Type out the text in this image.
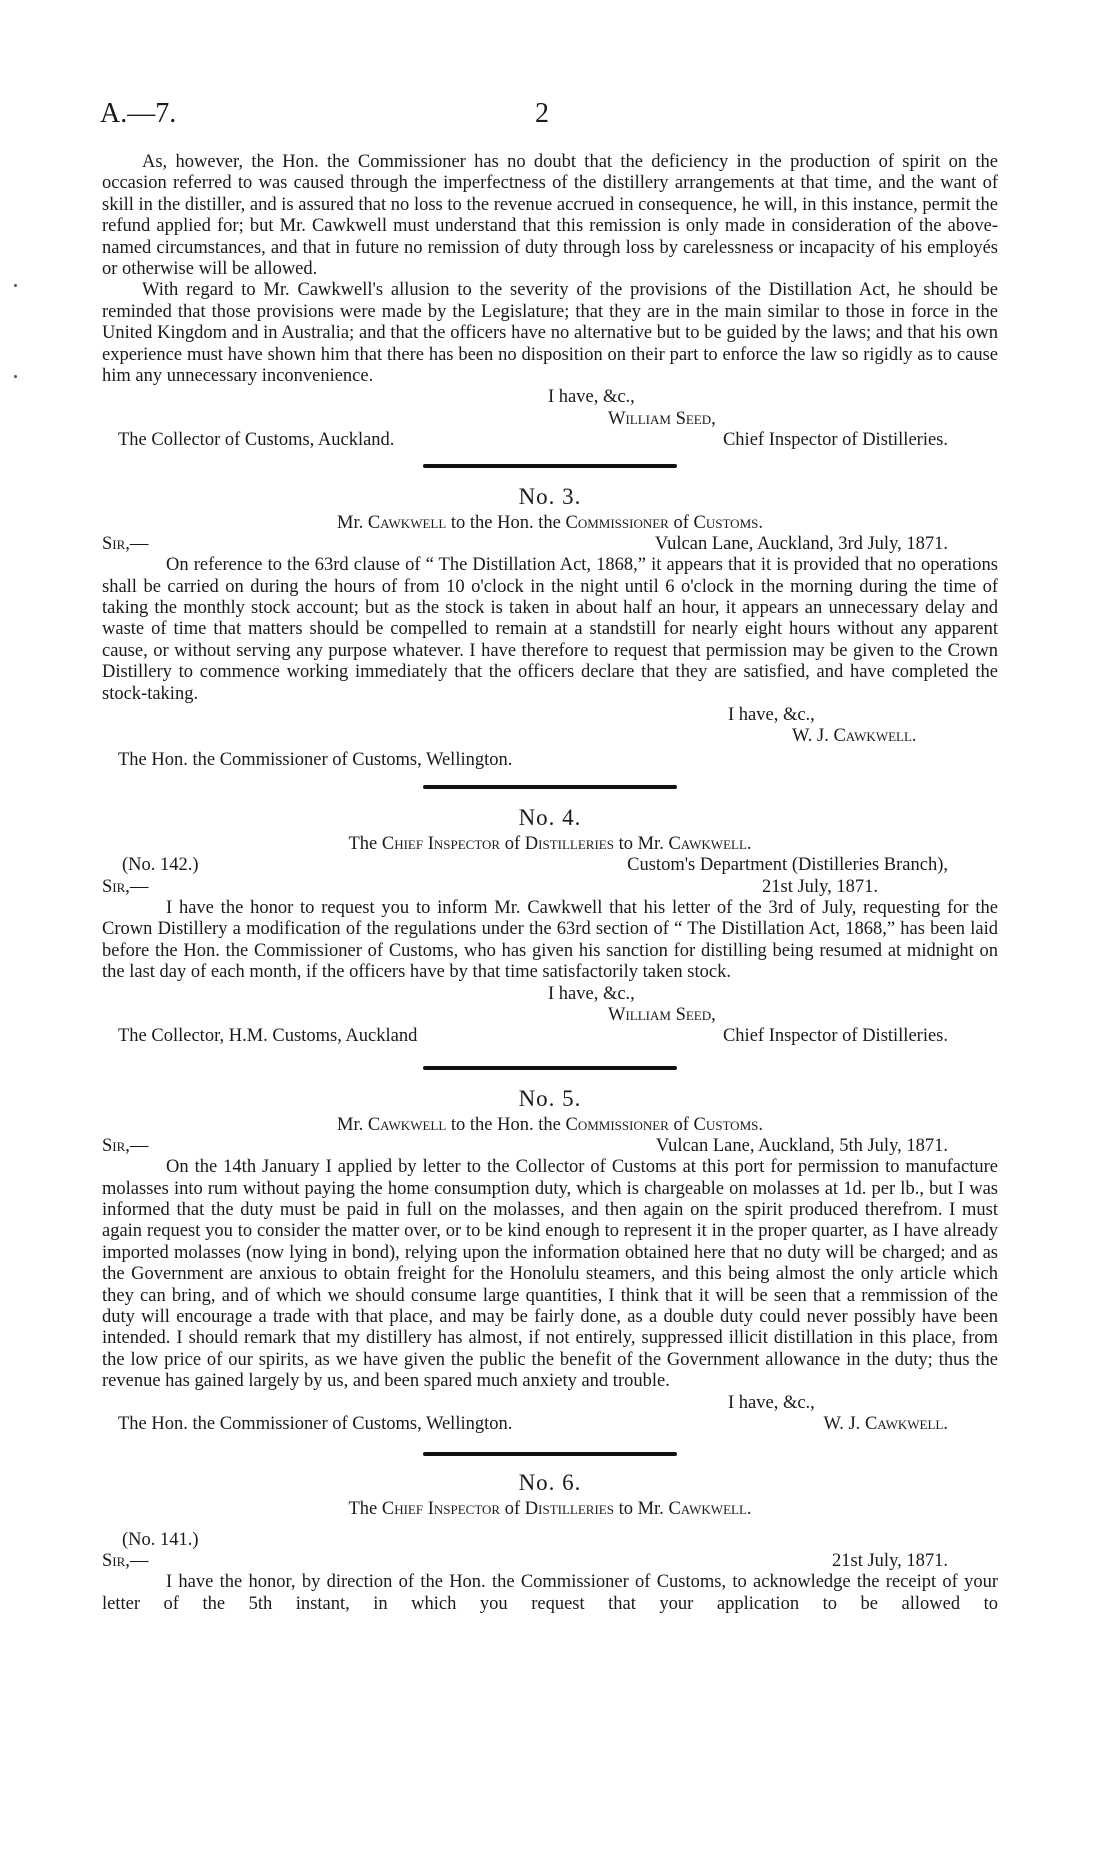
A.—7.	2

As, however, the Hon. the Commissioner has no doubt that the deficiency in the production of spirit on the occasion referred to was caused through the imperfectness of the distillery arrangements at that time, and the want of skill in the distiller, and is assured that no loss to the revenue accrued in consequence, he will, in this instance, permit the refund applied for; but Mr. Cawkwell must understand that this remission is only made in consideration of the above-named circumstances, and that in future no remission of duty through loss by carelessness or incapacity of his employés or otherwise will be allowed.

With regard to Mr. Cawkwell's allusion to the severity of the provisions of the Distillation Act, he should be reminded that those provisions were made by the Legislature; that they are in the main similar to those in force in the United Kingdom and in Australia; and that the officers have no alternative but to be guided by the laws; and that his own experience must have shown him that there has been no disposition on their part to enforce the law so rigidly as to cause him any unnecessary inconvenience.

I have, &c.,
William Seed,
The Collector of Customs, Auckland.	Chief Inspector of Distilleries.
No. 3.
Mr. Cawkwell to the Hon. the Commissioner of Customs.
Sir,—	Vulcan Lane, Auckland, 3rd July, 1871.

On reference to the 63rd clause of “ The Distillation Act, 1868,” it appears that it is provided that no operations shall be carried on during the hours of from 10 o'clock in the night until 6 o'clock in the morning during the time of taking the monthly stock account; but as the stock is taken in about half an hour, it appears an unnecessary delay and waste of time that matters should be compelled to remain at a standstill for nearly eight hours without any apparent cause, or without serving any purpose whatever. I have therefore to request that permission may be given to the Crown Distillery to commence working immediately that the officers declare that they are satisfied, and have completed the stock-taking.

I have, &c.,
W. J. Cawkwell.
The Hon. the Commissioner of Customs, Wellington.
No. 4.
The Chief Inspector of Distilleries to Mr. Cawkwell.
(No. 142.)	Custom's Department (Distilleries Branch),
Sir,—	21st July, 1871.

I have the honor to request you to inform Mr. Cawkwell that his letter of the 3rd of July, requesting for the Crown Distillery a modification of the regulations under the 63rd section of “ The Distillation Act, 1868,” has been laid before the Hon. the Commissioner of Customs, who has given his sanction for distilling being resumed at midnight on the last day of each month, if the officers have by that time satisfactorily taken stock.

I have, &c.,
William Seed,
The Collector, H.M. Customs, Auckland	Chief Inspector of Distilleries.
No. 5.
Mr. Cawkwell to the Hon. the Commissioner of Customs.
Sir,—	Vulcan Lane, Auckland, 5th July, 1871.

On the 14th January I applied by letter to the Collector of Customs at this port for permission to manufacture molasses into rum without paying the home consumption duty, which is chargeable on molasses at 1d. per lb., but I was informed that the duty must be paid in full on the molasses, and then again on the spirit produced therefrom. I must again request you to consider the matter over, or to be kind enough to represent it in the proper quarter, as I have already imported molasses (now lying in bond), relying upon the information obtained here that no duty will be charged; and as the Government are anxious to obtain freight for the Honolulu steamers, and this being almost the only article which they can bring, and of which we should consume large quantities, I think that it will be seen that a remmission of the duty will encourage a trade with that place, and may be fairly done, as a double duty could never possibly have been intended. I should remark that my distillery has almost, if not entirely, suppressed illicit distillation in this place, from the low price of our spirits, as we have given the public the benefit of the Government allowance in the duty; thus the revenue has gained largely by us, and been spared much anxiety and trouble.

I have, &c.,
The Hon. the Commissioner of Customs, Wellington.	W. J. Cawkwell.
No. 6.
The Chief Inspector of Distilleries to Mr. Cawkwell.
(No. 141.)
Sir,—	21st July, 1871.

I have the honor, by direction of the Hon. the Commissioner of Customs, to acknowledge the receipt of your letter of the 5th instant, in which you request that your application to be allowed to
